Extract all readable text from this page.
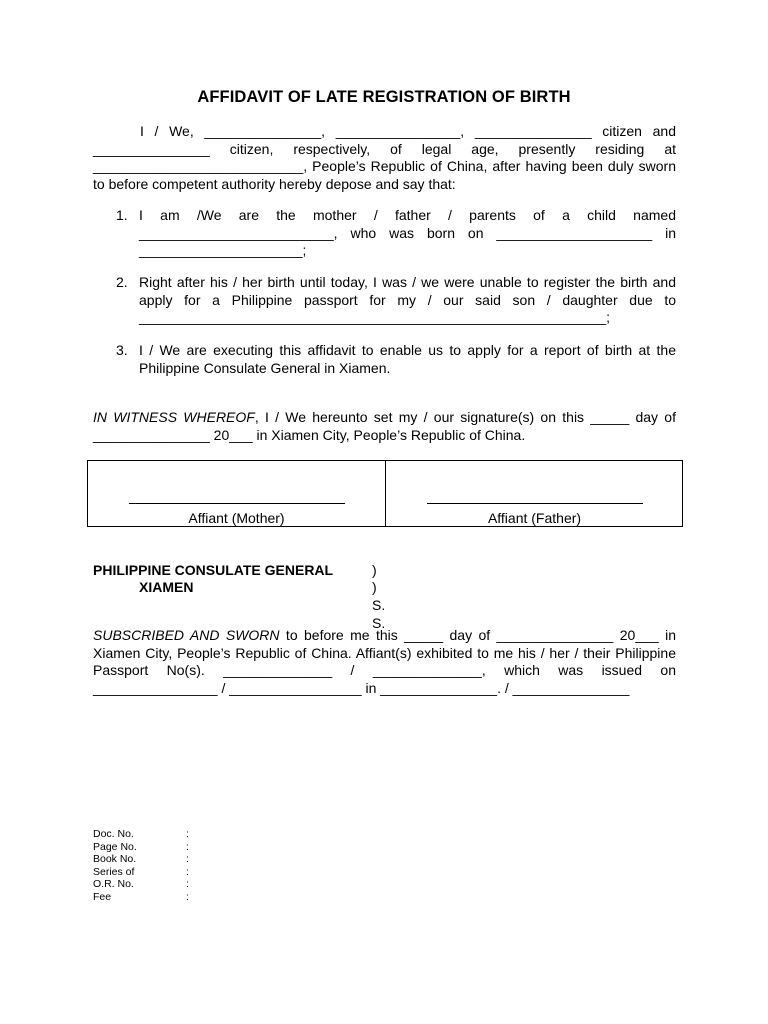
AFFIDAVIT OF LATE REGISTRATION OF BIRTH
I / We, _______________, ________________, _______________ citizen and _______________ citizen, respectively, of legal age, presently residing at ___________________________, People’s Republic of China, after having been duly sworn to before competent authority hereby depose and say that:
1. I am /We are the mother / father / parents of a child named _________________________, who was born on ____________________ in _____________________;
2. Right after his / her birth until today, I was / we were unable to register the birth and apply for a Philippine passport for my / our said son / daughter due to ____________________________________________________________;
3. I / We are executing this affidavit to enable us to apply for a report of birth at the Philippine Consulate General in Xiamen.
IN WITNESS WHEREOF, I / We hereunto set my / our signature(s) on this _____ day of _______________ 20___ in Xiamen City, People’s Republic of China.
Affiant (Mother)	Affiant (Father)
PHILIPPINE CONSULATE GENERAL	)
XIAMEN	) S. S.
SUBSCRIBED AND SWORN to before me this _____ day of _______________ 20___ in Xiamen City, People’s Republic of China. Affiant(s) exhibited to me his / her / their Philippine Passport No(s). ______________ / ______________, which was issued on ________________ / _________________ in _______________. / _______________
Doc. No.	:
Page No.	:
Book No.	:
Series of	:
O.R. No.	:
Fee	:
